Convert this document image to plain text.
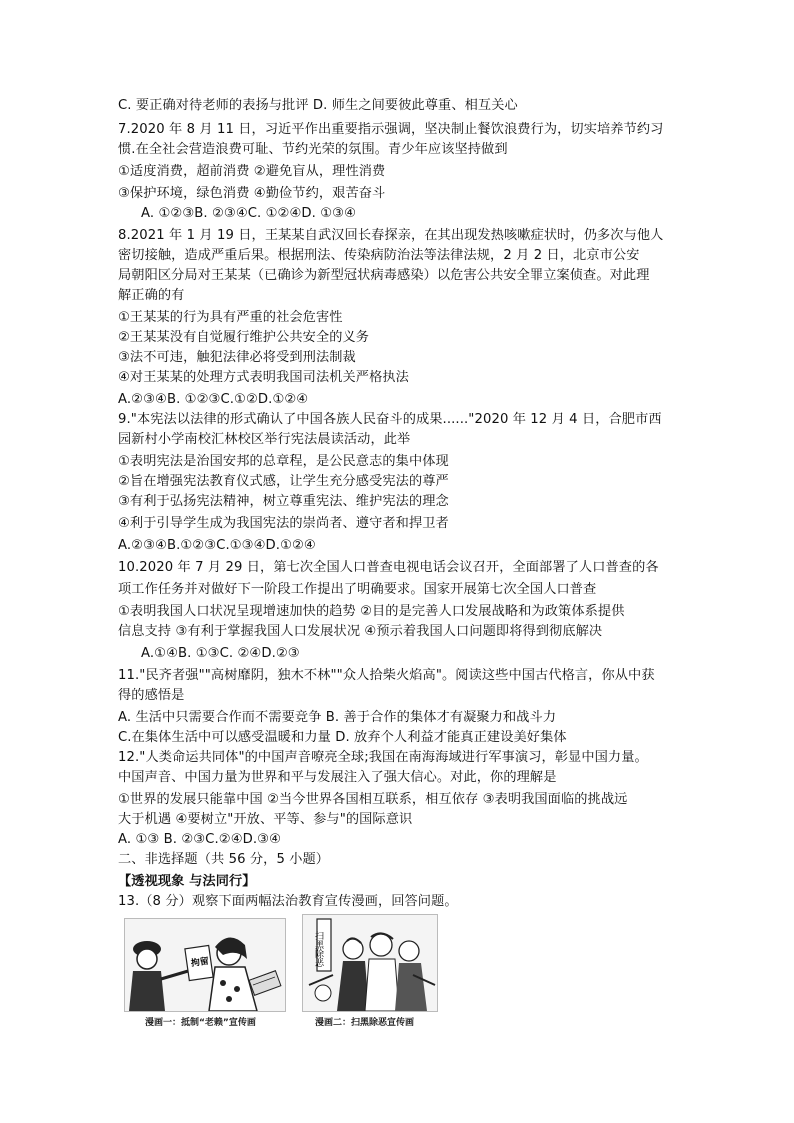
C. 要正确对待老师的表扬与批评 D. 师生之间要彼此尊重、相互关心
7.2020 年 8 月 11 日，习近平作出重要指示强调，坚决制止餐饮浪费行为，切实培养节约习
惯.在全社会营造浪费可耻、节约光荣的氛围。青少年应该坚持做到
①适度消费，超前消费 ②避免盲从，理性消费
③保护环境，绿色消费 ④勤俭节约，艰苦奋斗
A. ①②③B. ②③④C. ①②④D. ①③④
8.2021 年 1 月 19 日，王某某自武汉回长春探亲，在其出现发热咳嗽症状时，仍多次与他人
密切接触，造成严重后果。根据刑法、传染病防治法等法律法规，2 月 2 日，北京市公安
局朝阳区分局对王某某（已确诊为新型冠状病毒感染）以危害公共安全罪立案侦查。对此理
解正确的有
①王某某的行为具有严重的社会危害性
②王某某没有自觉履行维护公共安全的义务
③法不可违，触犯法律必将受到刑法制裁
④对王某某的处理方式表明我国司法机关严格执法
A.②③④B. ①②③C.①②D.①②④
9."本宪法以法律的形式确认了中国各族人民奋斗的成果......"2020 年 12 月 4 日，合肥市西
园新村小学南校汇林校区举行宪法晨读活动，此举
①表明宪法是治国安邦的总章程，是公民意志的集中体现
②旨在增强宪法教育仪式感，让学生充分感受宪法的尊严
③有利于弘扬宪法精神，树立尊重宪法、维护宪法的理念
④利于引导学生成为我国宪法的崇尚者、遵守者和捍卫者
A.②③④B.①②③C.①③④D.①②④
10.2020 年 7 月 29 日，第七次全国人口普查电视电话会议召开，全面部署了人口普查的各
项工作任务并对做好下一阶段工作提出了明确要求。国家开展第七次全国人口普查
①表明我国人口状况呈现增速加快的趋势 ②目的是完善人口发展战略和为政策体系提供
信息支持 ③有利于掌握我国人口发展状况 ④预示着我国人口问题即将得到彻底解决
A.①④B. ①③C. ②④D.②③
11."民齐者强""高树靡阴，独木不林""众人拾柴火焰高"。阅读这些中国古代格言，你从中获
得的感悟是
A. 生活中只需要合作而不需要竞争 B. 善于合作的集体才有凝聚力和战斗力
C.在集体生活中可以感受温暖和力量 D. 放弃个人利益才能真正建设美好集体
12."人类命运共同体"的中国声音嘹亮全球;我国在南海海域进行军事演习，彰显中国力量。
中国声音、中国力量为世界和平与发展注入了强大信心。对此，你的理解是
①世界的发展只能靠中国 ②当今世界各国相互联系，相互依存 ③表明我国面临的挑战远
大于机遇 ④要树立"开放、平等、参与"的国际意识
A. ①③ B. ②③C.②④D.③④
二、非选择题（共 56 分，5 小题）
【透视现象 与法同行】
13.（8 分）观察下面两幅法治教育宣传漫画，回答问题。
拘留
漫画一：抵制“老赖”宣传画
扫黑除恶
漫画二：扫黑除恶宣传画
